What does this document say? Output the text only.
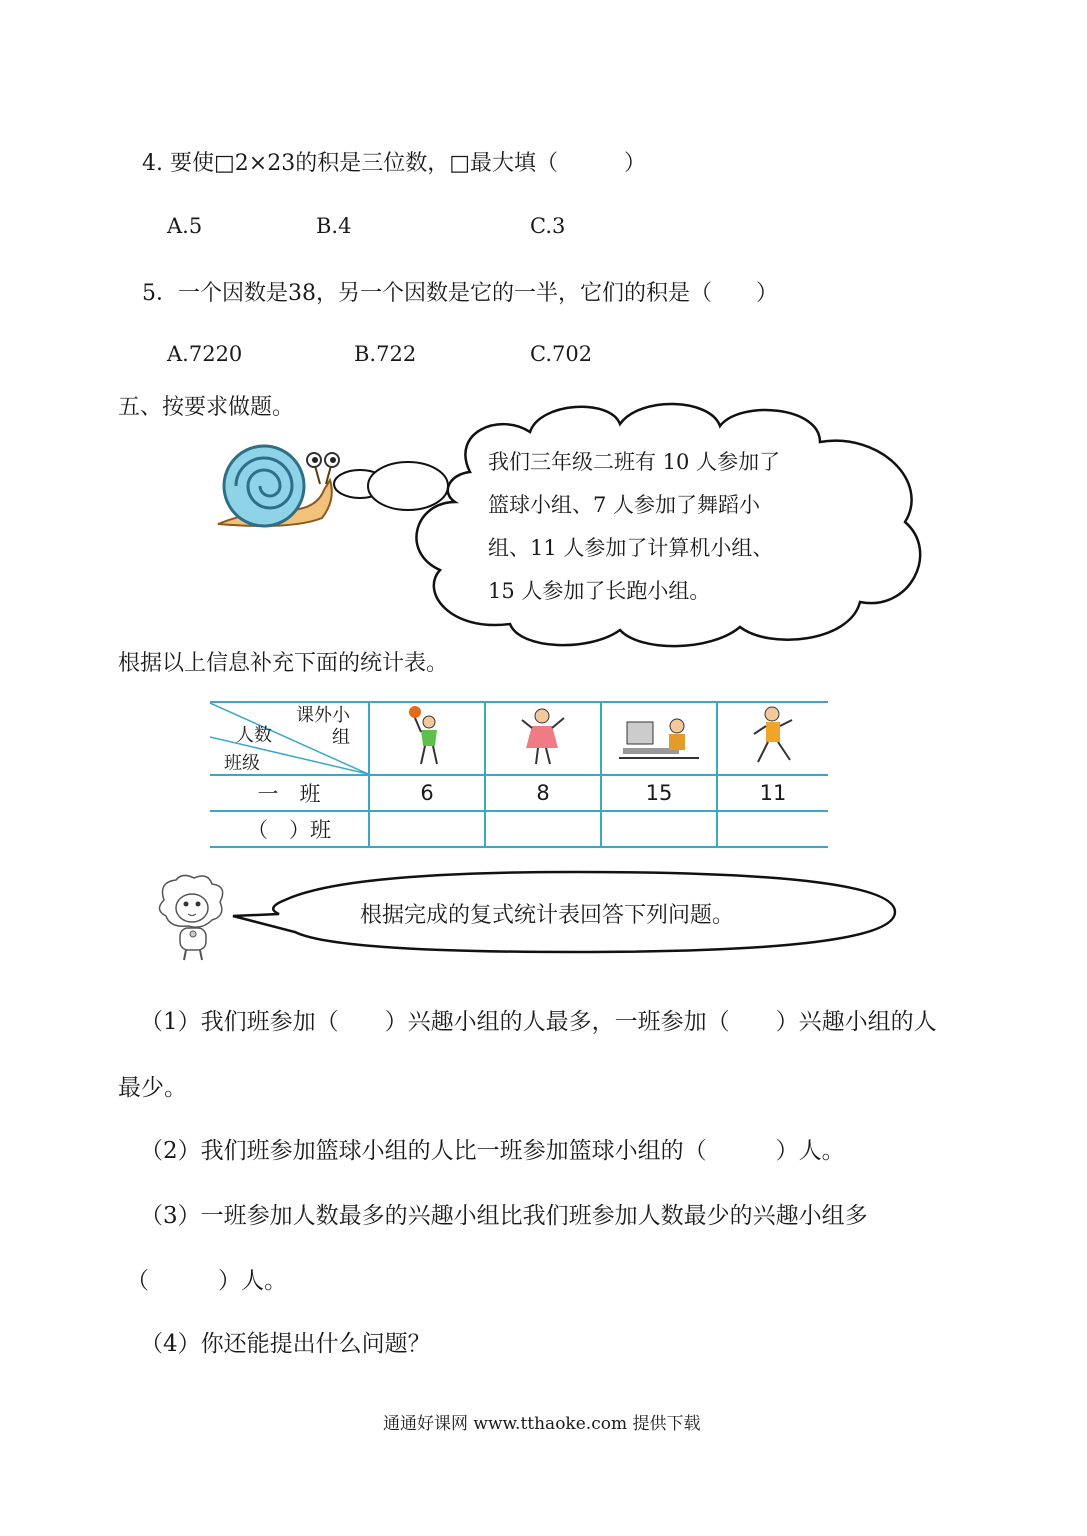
4. 要使□2×23的积是三位数，□最大填（　　　）
A.5	B.4	C.3
5．一个因数是38，另一个因数是它的一半，它们的积是（　　）
A.7220	B.722	C.702
五、按要求做题。
我们三年级二班有 10 人参加了
篮球小组、7 人参加了舞蹈小
组、11 人参加了计算机小组、
15 人参加了长跑小组。
根据以上信息补充下面的统计表。
课外小组
人数
班级

一　班	6	8	15	11
（　）班				
根据完成的复式统计表回答下列问题。
（1）我们班参加（　　）兴趣小组的人最多，一班参加（　　）兴趣小组的人
最少。
（2）我们班参加篮球小组的人比一班参加篮球小组的（　　　）人。
（3）一班参加人数最多的兴趣小组比我们班参加人数最少的兴趣小组多
（　　　）人。
（4）你还能提出什么问题？
通通好课网 www.tthaoke.com 提供下载
